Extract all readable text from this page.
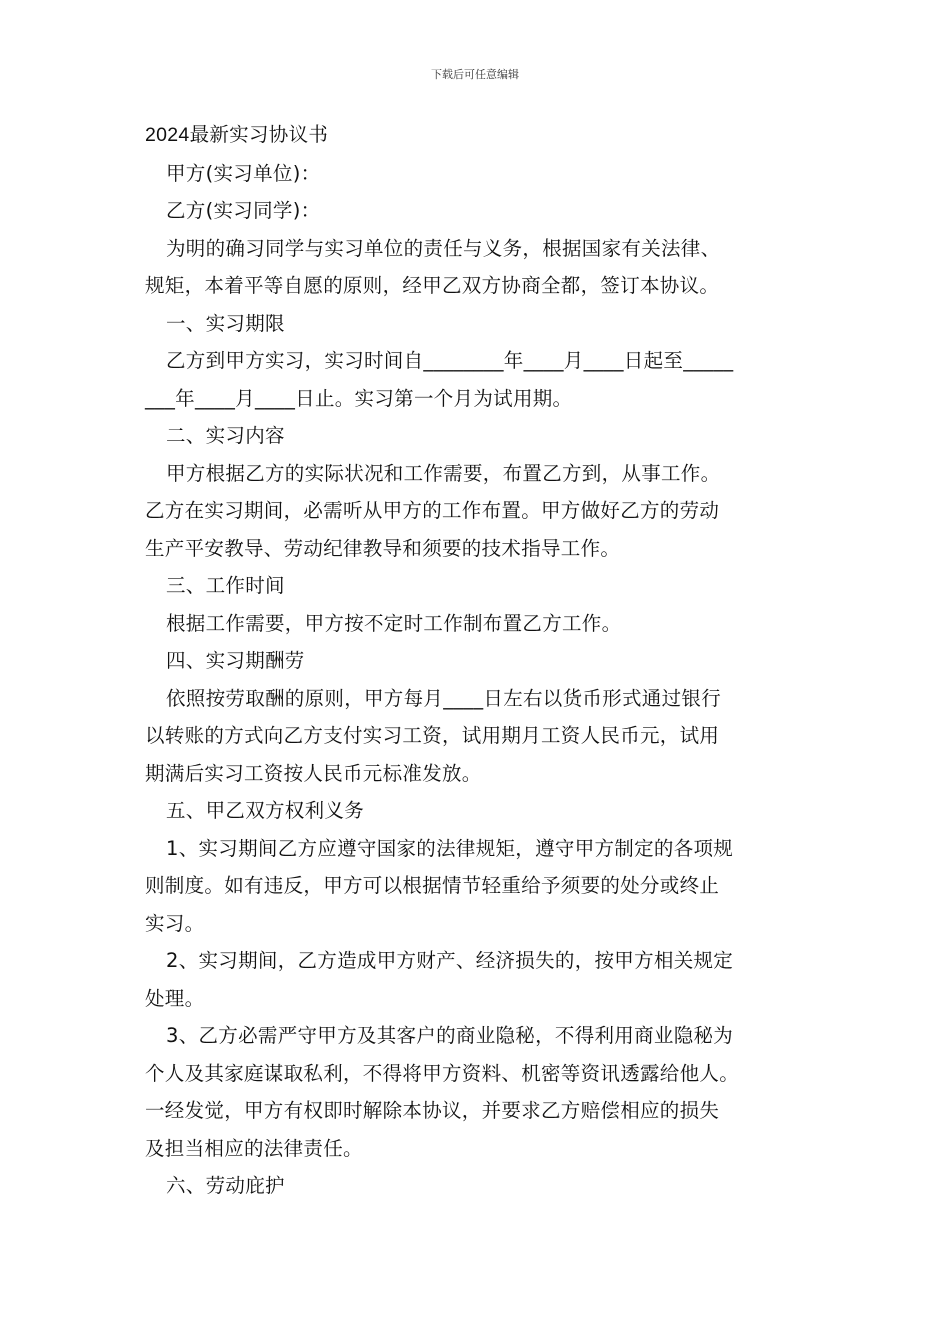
下载后可任意编辑
2024最新实习协议书
甲方(实习单位)：
乙方(实习同学)：
为明的确习同学与实习单位的责任与义务，根据国家有关法律、
规矩，本着平等自愿的原则，经甲乙双方协商全都，签订本协议。
一、实习期限
乙方到甲方实习，实习时间自________年____月____日起至_____
___年____月____日止。实习第一个月为试用期。
二、实习内容
甲方根据乙方的实际状况和工作需要，布置乙方到，从事工作。
乙方在实习期间，必需听从甲方的工作布置。甲方做好乙方的劳动
生产平安教导、劳动纪律教导和须要的技术指导工作。
三、工作时间
根据工作需要，甲方按不定时工作制布置乙方工作。
四、实习期酬劳
依照按劳取酬的原则，甲方每月____日左右以货币形式通过银行
以转账的方式向乙方支付实习工资，试用期月工资人民币元，试用
期满后实习工资按人民币元标准发放。
五、甲乙双方权利义务
1、实习期间乙方应遵守国家的法律规矩，遵守甲方制定的各项规
则制度。如有违反，甲方可以根据情节轻重给予须要的处分或终止
实习。
2、实习期间，乙方造成甲方财产、经济损失的，按甲方相关规定
处理。
3、乙方必需严守甲方及其客户的商业隐秘，不得利用商业隐秘为
个人及其家庭谋取私利，不得将甲方资料、机密等资讯透露给他人。
一经发觉，甲方有权即时解除本协议，并要求乙方赔偿相应的损失
及担当相应的法律责任。
六、劳动庇护
